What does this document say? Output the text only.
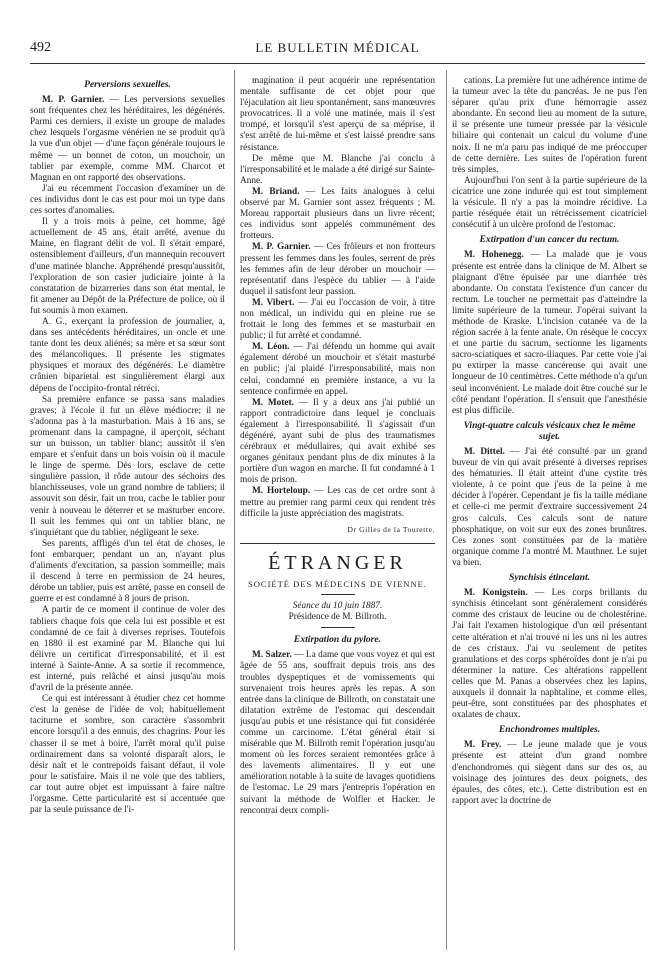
492	LE BULLETIN MÉDICAL
Perversions sexuelles.

M. P. Garnier. — Les perversions sexuelles sont fréquentes chez les héréditaires, les dégénérés. Parmi ces derniers, il existe un groupe de malades chez lesquels l'orgasme vénérien ne se produit qu'à la vue d'un objet — d'une façon générale toujours le même — un bonnet de coton, un mouchoir, un tablier par exemple, comme MM. Charcot et Magnan en ont rapporté des observations.

J'ai eu récemment l'occasion d'examiner un de ces individus dont le cas est pour moi un type dans ces sortes d'anomalies.

Il y a trois mois à peine, cet homme, âgé actuellement de 45 ans, était arrêté, avenue du Maine, en flagrant délit de vol. Il s'était emparé, ostensiblement d'ailleurs, d'un mannequin recouvert d'une matinée blanche. Appréhendé presqu'aussitôt, l'exploration de son casier judiciaire jointe à la constatation de bizarreries dans son état mental, le fit amener au Dépôt de la Préfecture de police, où il fut soumis à mon examen.

A. G., exerçant la profession de journalier, a, dans ses antécédents héréditaires, un oncle et une tante dont les deux aliénés; sa mère et sa sœur sont des mélancoliques. Il présente les stigmates physiques et moraux des dégénérés. Le diamètre crânien biparietal est singulièrement élargi aux dépens de l'occipito-frontal rétréci.

Sa première enfance se passa sans maladies graves; à l'école il fut un élève médiocre; il ne s'adonna pas à la masturbation. Mais à 16 ans, se promenant dans la campagne, il aperçoit, séchant sur un buisson, un tablier blanc; aussitôt il s'en empare et s'enfuit dans un bois voisin où il macule le linge de sperme. Dès lors, esclave de cette singulière passion, il rôde autour des séchoirs des blanchisseuses, vole un grand nombre de tabliers; il assouvit son désir, fait un trou, cache le tablier pour venir à nouveau le déterrer et se masturber encore. Il suit les femmes qui ont un tablier blanc, ne s'inquiétant que du tablier, négligeant le sexe.

Ses parents, affligés d'un tel état de choses, le font embarquer; pendant un an, n'ayant plus d'aliments d'excitation, sa passion sommeille; mais il descend à terre en permission de 24 heures, dérobe un tablier, puis est arrêté, passe en conseil de guerre et est condamné à 8 jours de prison.

A partir de ce moment il continue de voler des tabliers chaque fois que cela lui est possible et est condamné de ce fait à diverses reprises. Toutefois en 1880 il est examiné par M. Blanche qui lui délivre un certificat d'irresponsabilité, et il est interné à Sainte-Anne. A sa sortie il recommence, est interné, puis relâché et ainsi jusqu'au mois d'avril de la présente année.

Ce qui est intéressant à étudier chez cet homme c'est la genèse de l'idée de vol; habituellement taciturne et sombre, son caractère s'assombrit encore lorsqu'il a des ennuis, des chagrins. Pour les chasser il se met à boire, l'arrêt moral qu'il puise ordinairement dans sa volonté disparaît alors, le désir naît et le contrepoids faisant défaut, il vole pour le satisfaire. Mais il ne vole que des tabliers, car tout autre objet est impuissant à faire naître l'orgasme. Cette particularité est si accentuée que par la seule puissance de l'i-

magination il peut acquérir une représentation mentale suffisante de cet objet pour que l'éjaculation ait lieu spontanément, sans manœuvres provocatrices. Il a volé une matinée, mais il s'est trompé, et lorsqu'il s'est aperçu de sa méprise, il s'est arrêté de lui-même et s'est laissé prendre sans résistance.

De même que M. Blanche j'ai conclu à l'irresponsabilité et le malade a été dirigé sur Sainte-Anne.

M. Briand. — Les faits analogues à celui observé par M. Garnier sont assez fréquents ; M. Moreau rapportait plusieurs dans un livre récent; ces individus sont appelés communément des frotteurs.

M. P. Garnier. — Ces frôleurs et non frotteurs pressent les femmes dans les foules, serrent de près les femmes afin de leur dérober un mouchoir — représentatif dans l'espèce du tablier — à l'aide duquel il satisfont leur passion.

M. Vibert. — J'ai eu l'occasion de voir, à titre non médical, un individu qui en pleine rue se frottait le long des femmes et se masturbait en public; il fut arrêté et condamné.

M. Léon. — J'ai défendu un homme qui avait également dérobé un mouchoir et s'était masturbé en public; j'ai plaidé l'irresponsabilité, mais non celui, condamné en première instance, a vu la sentence confirmée en appel.

M. Motet. — Il y a deux ans j'ai publié un rapport contradictoire dans lequel je concluais également à l'irresponsabilité. Il s'agissait d'un dégénéré, ayant subi de plus des traumatismes cérébraux et médullaires, qui avait exhibé ses organes génitaux pendant plus de dix minutes à la portière d'un wagon en marche. Il fut condamné à 1 mois de prison.

M. Horteloup. — Les cas de cet ordre sont à mettre au premier rang parmi ceux qui rendent très difficile la juste appréciation des magistrats.

Dr Gilles de la Tourette.
ÉTRANGER
SOCIÉTÉ DES MÉDECINS DE VIENNE.
Séance du 10 juin 1887.
Présidence de M. Billroth.
Extirpation du pylore.

M. Salzer. — La dame que vous voyez et qui est âgée de 55 ans, souffrait depuis trois ans des troubles dyspeptiques et de vomissements qui survenaient trois heures après les repas. A son entrée dans la clinique de Billroth, on constatait une dilatation extrême de l'estomac qui descendait jusqu'au pubis et une résistance qui fut considérée comme un carcinome. L'état général était si misérable que M. Billroth remit l'opération jusqu'au moment où les forces seraient remontées grâce à des lavements alimentaires. Il y eut une amélioration notable à la suite de lavages quotidiens de l'estomac. Le 29 mars j'entrepris l'opération en suivant la méthode de Wolfler et Hacker. Je rencontrai deux compli-

cations. La première fut une adhérence intime de la tumeur avec la tête du pancréas. Je ne pus l'en séparer qu'au prix d'une hémorragie assez abondante. En second lieu au moment de la suture, il se présente une tumeur pressée par la vésicule biliaire qui contenait un calcul du volume d'une noix. Il ne m'a paru pas indiqué de me préoccuper de cette dernière. Les suites de l'opération furent très simples.

Aujourd'hui l'on sent à la partie supérieure de la cicatrice une zone indurée qui est tout simplement la vésicule. Il n'y a pas la moindre récidive. La partie réséquée était un rétrécissement cicatriciel consécutif à un ulcère profond de l'estomac.

Extirpation d'un cancer du rectum.

M. Hohenegg. — La malade que je vous présente est entrée dans la clinique de M. Albert se plaignant d'être épuisée par une diarrhée très abondante. On constata l'existence d'un cancer du rectum. Le toucher ne permettait pas d'atteindre la limite supérieure de la tumeur. J'opérai suivant la méthode de Kraske. L'incision cutanée va de la région sacrée à la fente anale. On résèque le coccyx et une partie du sacrum, sectionne les ligaments sacro-sciatiques et sacro-iliaques. Par cette voie j'ai pu extirper la masse cancéreuse qui avait une longueur de 10 centimètres. Cette méthode n'a qu'un seul inconvénient. Le malade doit être couché sur le côté pendant l'opération. Il s'ensuit que l'anesthésie est plus difficile.

Vingt-quatre calculs vésicaux chez le même sujet.

M. Dittel. — J'ai été consulté par un grand buveur de vin qui avait présenté à diverses reprises des hématuries. Il était atteint d'une cystite très violente, à ce point que j'eus de la peine à me décider à l'opérer. Cependant je fis la taille médiane et celle-ci me permit d'extraire successivement 24 gros calculs. Ces calculs sont de nature phosphatique, on voit sur eux des zones brunâtres. Ces zones sont constituées par de la matière organique comme l'a montré M. Mauthner. Le sujet va bien.

Synchisis étincelant.

M. Konigstein. — Les corps brillants du synchisis étincelant sont généralement considérés comme des cristaux de leucine ou de cholestérine. J'ai fait l'examen histologique d'un œil présentant cette altération et n'ai trouvé ni les uns ni les autres de ces cristaux. J'ai vu seulement de petites granulations et des corps sphéroïdes dont je n'ai pu déterminer la nature. Ces altérations rappellent celles que M. Panas a observées chez les lapins, auxquels il donnait la naphtaline, et comme elles, peut-être, sont constituées par des phosphates et oxalates de chaux.

Enchondromes multiples.

M. Frey. — Le jeune malade que je vous présente est atteint d'un grand nombre d'enchondromes qui siègent dans sur des os, au voisinage des jointures des deux poignets, des épaules, des côtes, etc.). Cette distribution est en rapport avec la doctrine de
